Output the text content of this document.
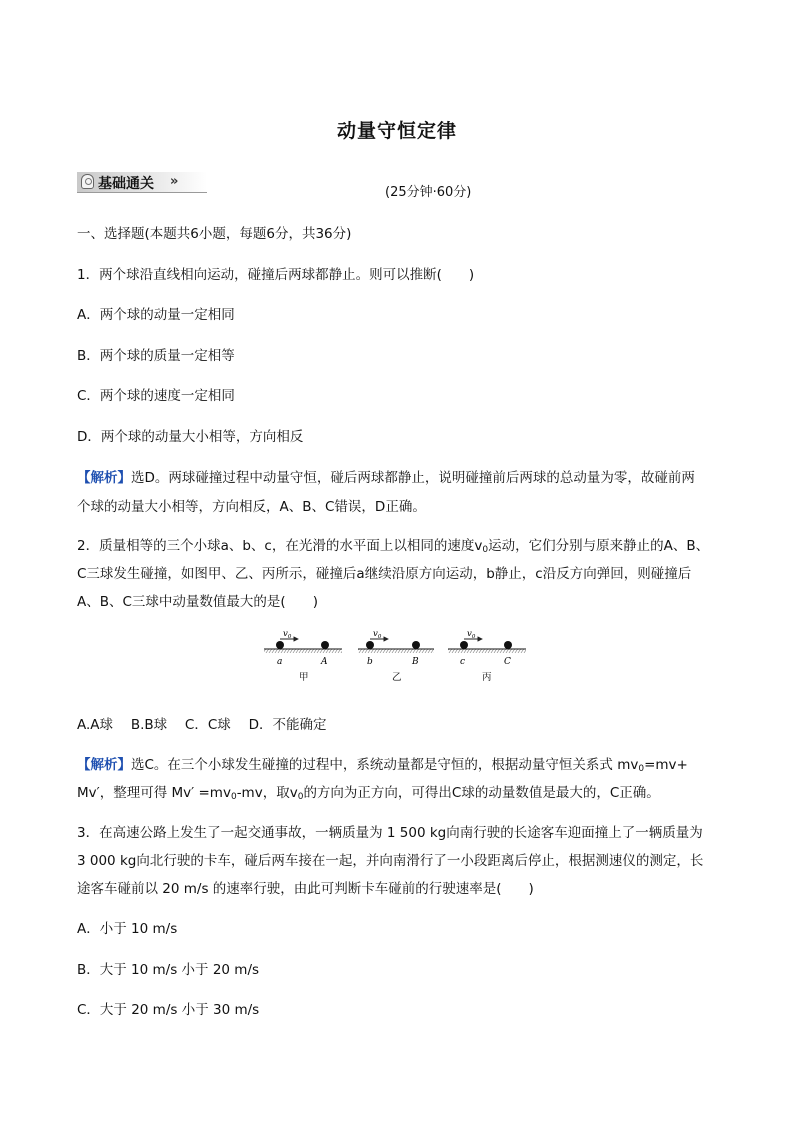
动量守恒定律
基础通关 »
(25分钟·60分)
一、选择题(本题共6小题，每题6分，共36分)
1．两个球沿直线相向运动，碰撞后两球都静止。则可以推断(　　)
A．两个球的动量一定相同
B．两个球的质量一定相等
C．两个球的速度一定相同
D．两个球的动量大小相等，方向相反
【解析】选D。两球碰撞过程中动量守恒，碰后两球都静止，说明碰撞前后两球的总动量为零，故碰前两
个球的动量大小相等，方向相反，A、B、C错误，D正确。
2．质量相等的三个小球a、b、c，在光滑的水平面上以相同的速度$v_0$运动，它们分别与原来静止的A、B、
C三球发生碰撞，如图甲、乙、丙所示，碰撞后a继续沿原方向运动，b静止，c沿反方向弹回，则碰撞后
A、B、C三球中动量数值最大的是(　　)
$v_0$
a	A
甲
$v_0$
b	B
乙
$v_0$
c	C
丙
A.A球　 B.B球　 C．C球　 D．不能确定
【解析】选C。在三个小球发生碰撞的过程中，系统动量都是守恒的，根据动量守恒关系式 $mv_0=mv+$
Mv′，整理可得 $Mv' =mv_0-mv$，取$v_0$的方向为正方向，可得出C球的动量数值是最大的，C正确。
3．在高速公路上发生了一起交通事故，一辆质量为 1 500 kg向南行驶的长途客车迎面撞上了一辆质量为
3 000 kg向北行驶的卡车，碰后两车接在一起，并向南滑行了一小段距离后停止，根据测速仪的测定，长
途客车碰前以 20 m/s 的速率行驶，由此可判断卡车碰前的行驶速率是(　　)
A．小于 10 m/s
B．大于 10 m/s 小于 20 m/s
C．大于 20 m/s 小于 30 m/s
